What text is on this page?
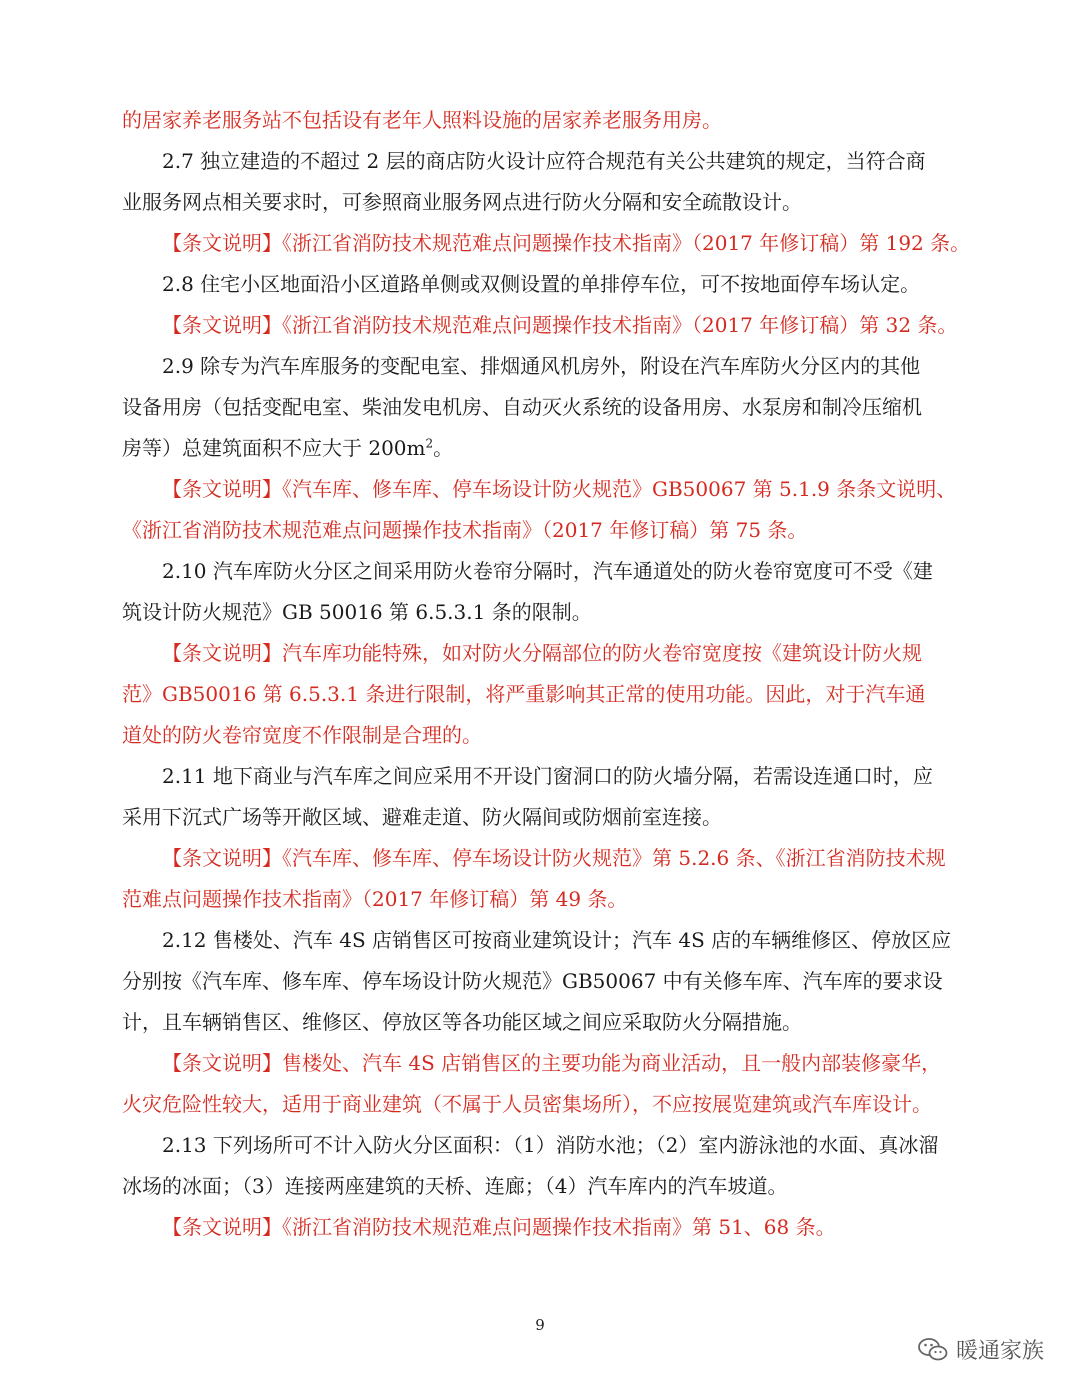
的居家养老服务站不包括设有老年人照料设施的居家养老服务用房。
2.7 独立建造的不超过 2 层的商店防火设计应符合规范有关公共建筑的规定，当符合商
业服务网点相关要求时，可参照商业服务网点进行防火分隔和安全疏散设计。
【条文说明】《浙江省消防技术规范难点问题操作技术指南》（2017 年修订稿）第 192 条。
2.8 住宅小区地面沿小区道路单侧或双侧设置的单排停车位，可不按地面停车场认定。
【条文说明】《浙江省消防技术规范难点问题操作技术指南》（2017 年修订稿）第 32 条。
2.9 除专为汽车库服务的变配电室、排烟通风机房外，附设在汽车库防火分区内的其他
设备用房（包括变配电室、柴油发电机房、自动灭火系统的设备用房、水泵房和制冷压缩机
房等）总建筑面积不应大于 $200m^2$。
【条文说明】《汽车库、修车库、停车场设计防火规范》GB50067 第 5.1.9 条条文说明、
《浙江省消防技术规范难点问题操作技术指南》（2017 年修订稿）第 75 条。
2.10 汽车库防火分区之间采用防火卷帘分隔时，汽车通道处的防火卷帘宽度可不受《建
筑设计防火规范》GB 50016 第 6.5.3.1 条的限制。
【条文说明】汽车库功能特殊，如对防火分隔部位的防火卷帘宽度按《建筑设计防火规
范》GB50016 第 6.5.3.1 条进行限制，将严重影响其正常的使用功能。因此，对于汽车通
道处的防火卷帘宽度不作限制是合理的。
2.11 地下商业与汽车库之间应采用不开设门窗洞口的防火墙分隔，若需设连通口时，应
采用下沉式广场等开敞区域、避难走道、防火隔间或防烟前室连接。
【条文说明】《汽车库、修车库、停车场设计防火规范》第 5.2.6 条、《浙江省消防技术规
范难点问题操作技术指南》（2017 年修订稿）第 49 条。
2.12 售楼处、汽车 4S 店销售区可按商业建筑设计；汽车 4S 店的车辆维修区、停放区应
分别按《汽车库、修车库、停车场设计防火规范》GB50067 中有关修车库、汽车库的要求设
计，且车辆销售区、维修区、停放区等各功能区域之间应采取防火分隔措施。
【条文说明】售楼处、汽车 4S 店销售区的主要功能为商业活动，且一般内部装修豪华，
火灾危险性较大，适用于商业建筑（不属于人员密集场所），不应按展览建筑或汽车库设计。
2.13 下列场所可不计入防火分区面积：（1）消防水池；（2）室内游泳池的水面、真冰溜
冰场的冰面；（3）连接两座建筑的天桥、连廊；（4）汽车库内的汽车坡道。
【条文说明】《浙江省消防技术规范难点问题操作技术指南》第 51、68 条。
9
暖通家族
